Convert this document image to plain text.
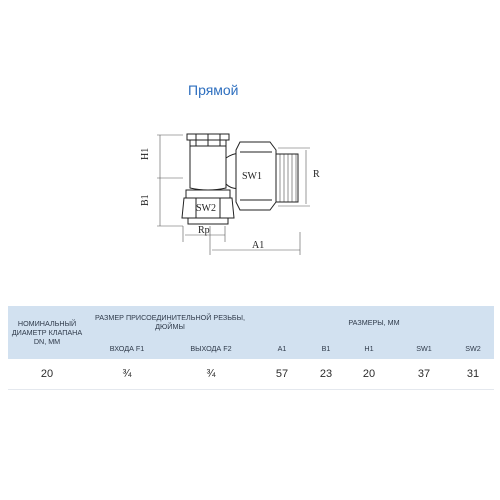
Прямой
H1
B1
SW1
SW2
R
Rp
A1
НОМИНАЛЬНЫЙ ДИАМЕТР КЛАПАНА DN, ММ	РАЗМЕР ПРИСОЕДИНИТЕЛЬНОЙ РЕЗЬБЫ, ДЮЙМЫ		РАЗМЕРЫ, ММ				
	ВХОДА F1	ВЫХОДА F2	A1	B1	H1	SW1	SW2
20	¾	¾	57	23	20	37	31
